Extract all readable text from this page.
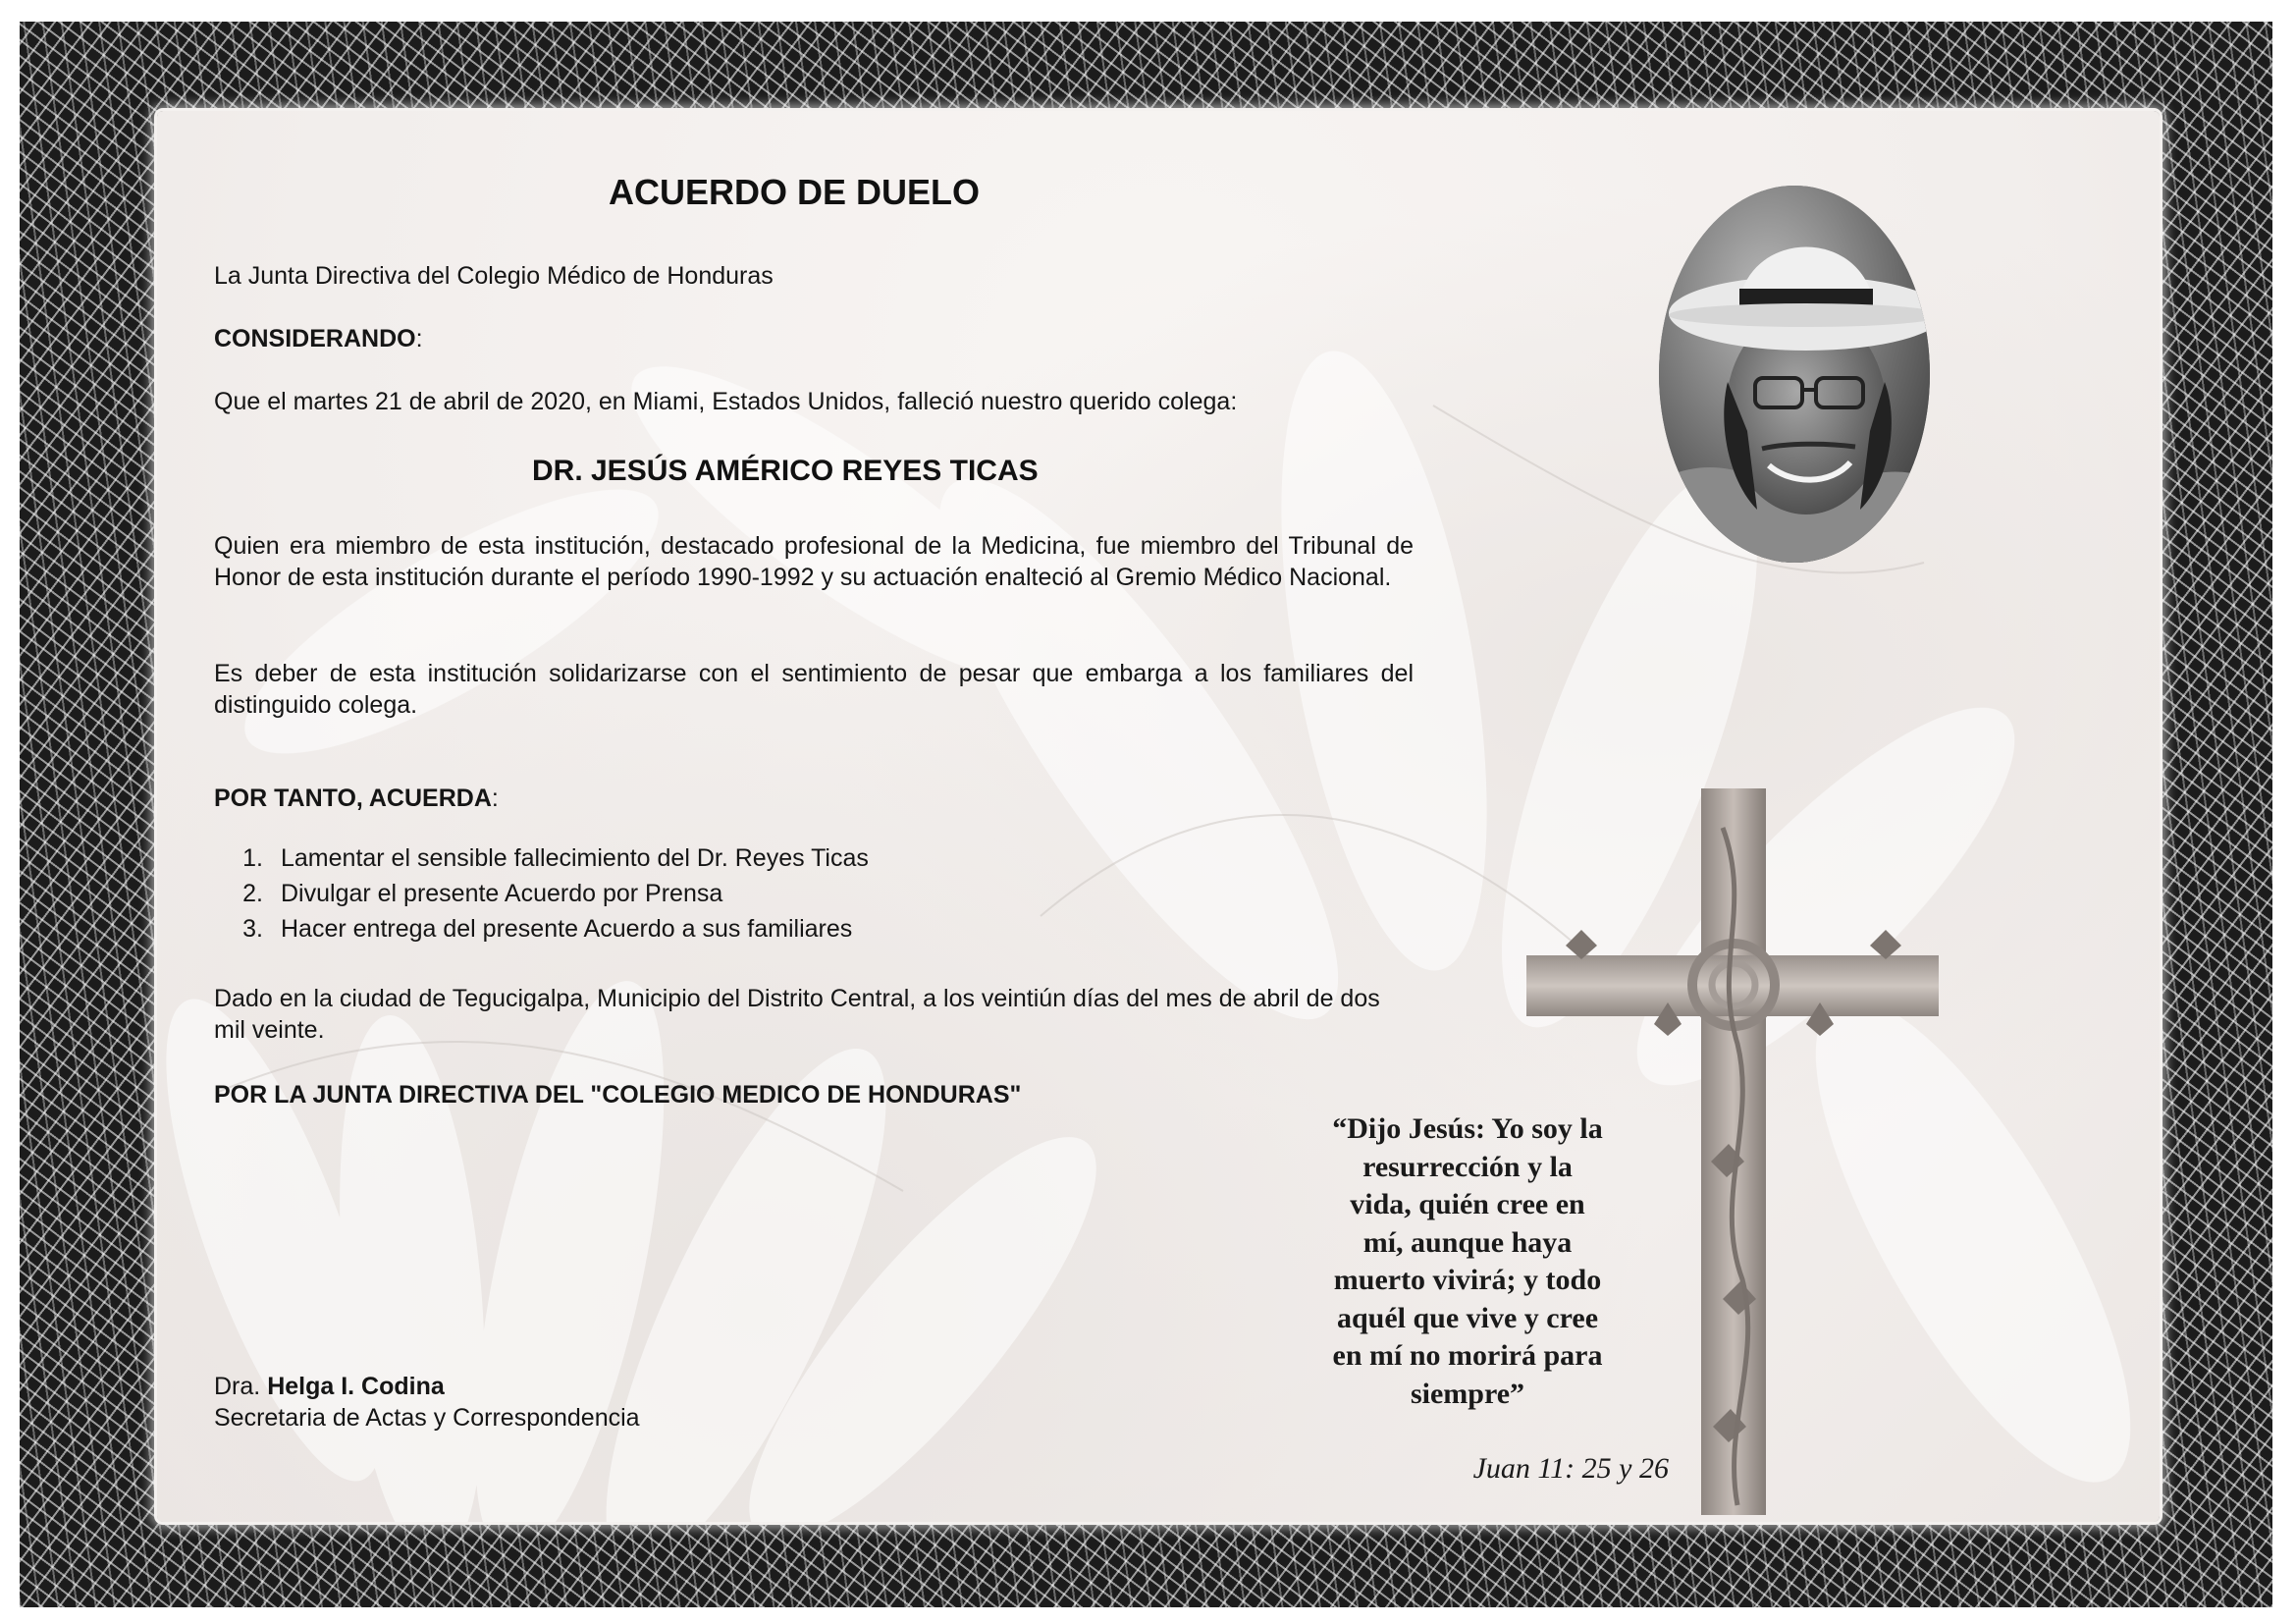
ACUERDO DE DUELO
La Junta Directiva del Colegio Médico de Honduras
CONSIDERANDO:
Que el martes 21 de abril de 2020, en Miami, Estados Unidos, falleció nuestro querido colega:
DR. JESÚS AMÉRICO REYES TICAS
Quien era miembro de esta institución, destacado profesional de la Medicina, fue miembro del Tribunal de Honor de esta institución durante el período 1990-1992 y su actuación enalteció al Gremio Médico Nacional.
Es deber de esta institución solidarizarse con el sentimiento de pesar que embarga a los familiares del distinguido colega.
POR TANTO, ACUERDA:
1. Lamentar el sensible fallecimiento del Dr. Reyes Ticas
2. Divulgar el presente Acuerdo por Prensa
3. Hacer entrega del presente Acuerdo a sus familiares
Dado en la ciudad de Tegucigalpa, Municipio del Distrito Central, a los veintiún días del mes de abril de dos mil veinte.
POR LA JUNTA DIRECTIVA DEL "COLEGIO MEDICO DE HONDURAS"
Dra. Helga I. Codina
Secretaria de Actas y Correspondencia
“Dijo Jesús: Yo soy la
resurrección y la
vida, quién cree en
mí, aunque haya
muerto vivirá; y todo
aquél que vive y cree
en mí no morirá para
siempre”
Juan 11: 25 y 26
